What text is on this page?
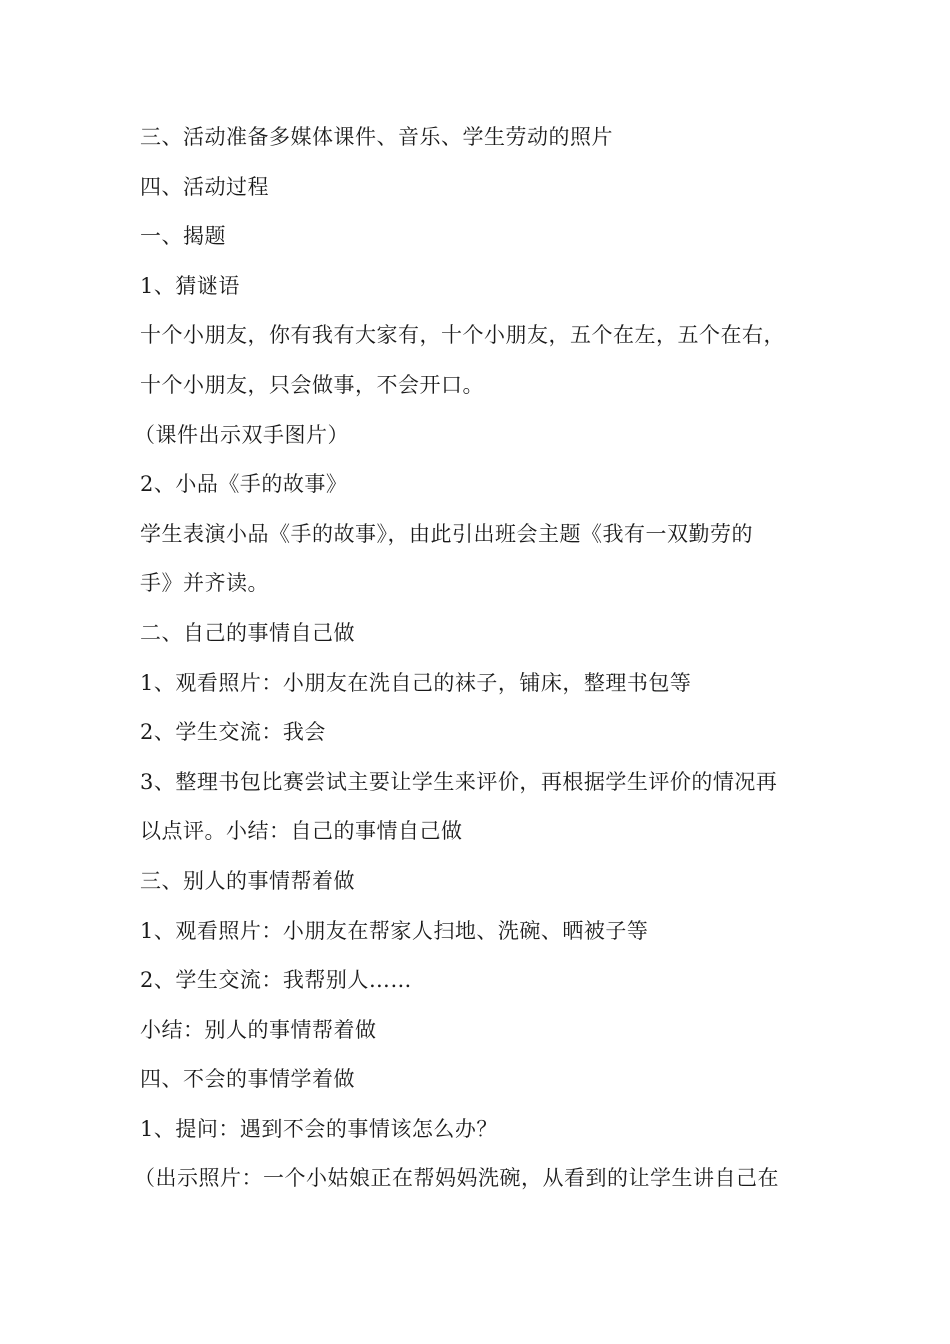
三、活动准备多媒体课件、音乐、学生劳动的照片
四、活动过程
一、揭题
1、猜谜语
十个小朋友，你有我有大家有，十个小朋友，五个在左，五个在右，
十个小朋友，只会做事，不会开口。
（课件出示双手图片）
2、小品《手的故事》
学生表演小品《手的故事》，由此引出班会主题《我有一双勤劳的
手》并齐读。
二、自己的事情自己做
1、观看照片：小朋友在洗自己的袜子，铺床，整理书包等
2、学生交流：我会
3、整理书包比赛尝试主要让学生来评价，再根据学生评价的情况再
以点评。小结：自己的事情自己做
三、别人的事情帮着做
1、观看照片：小朋友在帮家人扫地、洗碗、晒被子等
2、学生交流：我帮别人……
小结：别人的事情帮着做
四、不会的事情学着做
1、提问：遇到不会的事情该怎么办？
（出示照片：一个小姑娘正在帮妈妈洗碗，从看到的让学生讲自己在
